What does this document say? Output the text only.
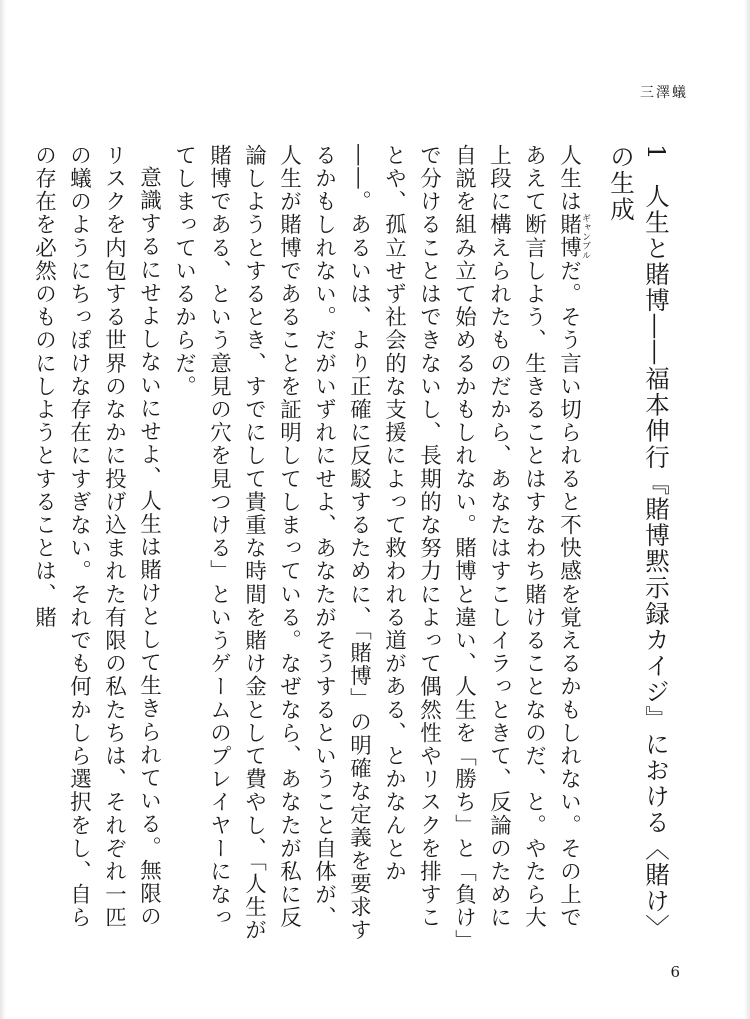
三澤蟻
1人生と賭博――福本伸行『賭博黙示録カイジ』における〈賭け〉の生成

人生は賭博ギャンブルだ。そう言い切られると不快感を覚えるかもしれない。その上であえて断言しよう、生きることはすなわち賭けることなのだ、と。やたら大上段に構えられたものだから、あなたはすこしイラっときて、反論のために自説を組み立て始めるかもしれない。賭博と違い、人生を「勝ち」と「負け」で分けることはできないし、長期的な努力によって偶然性やリスクを排すことや、孤立せず社会的な支援によって救われる道がある、とかなんとか――。あるいは、より正確に反駁するために、「賭博」の明確な定義を要求するかもしれない。だがいずれにせよ、あなたがそうするということ自体が、人生が賭博であることを証明してしまっている。なぜなら、あなたが私に反論しようとするとき、すでにして貴重な時間を賭け金として費やし、「人生が賭博である、という意見の穴を見つける」というゲームのプレイヤーになってしまっているからだ。

意識するにせよしないにせよ、人生は賭けとして生きられている。無限のリスクを内包する世界のなかに投げ込まれた有限の私たちは、それぞれ一匹の蟻のようにちっぽけな存在にすぎない。それでも何かしら選択をし、自らの存在を必然のものにしようとすることは、賭

6
